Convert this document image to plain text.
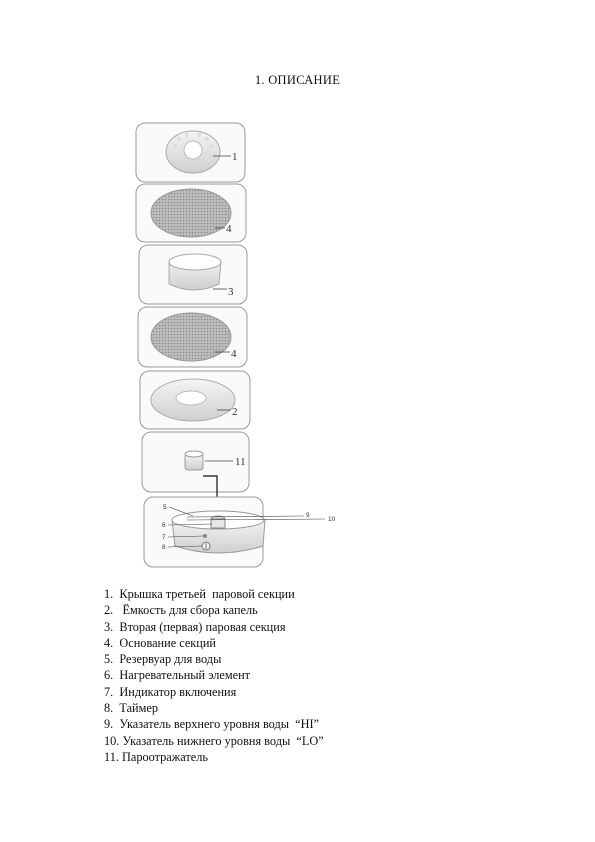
1. ОПИСАНИЕ
1
4
3
4
2
11
5
9
10
6
7
8
1.  Крышка третьей  паровой секции
2.   Ёмкость для сбора капель
3.  Вторая (первая) паровая секция
4.  Основание секций
5.  Резервуар для воды
6.  Нагревательный элемент
7.  Индикатор включения
8.  Таймер
9.  Указатель верхнего уровня воды  “HI”
10. Указатель нижнего уровня воды  “LO”
11. Пароотражатель
